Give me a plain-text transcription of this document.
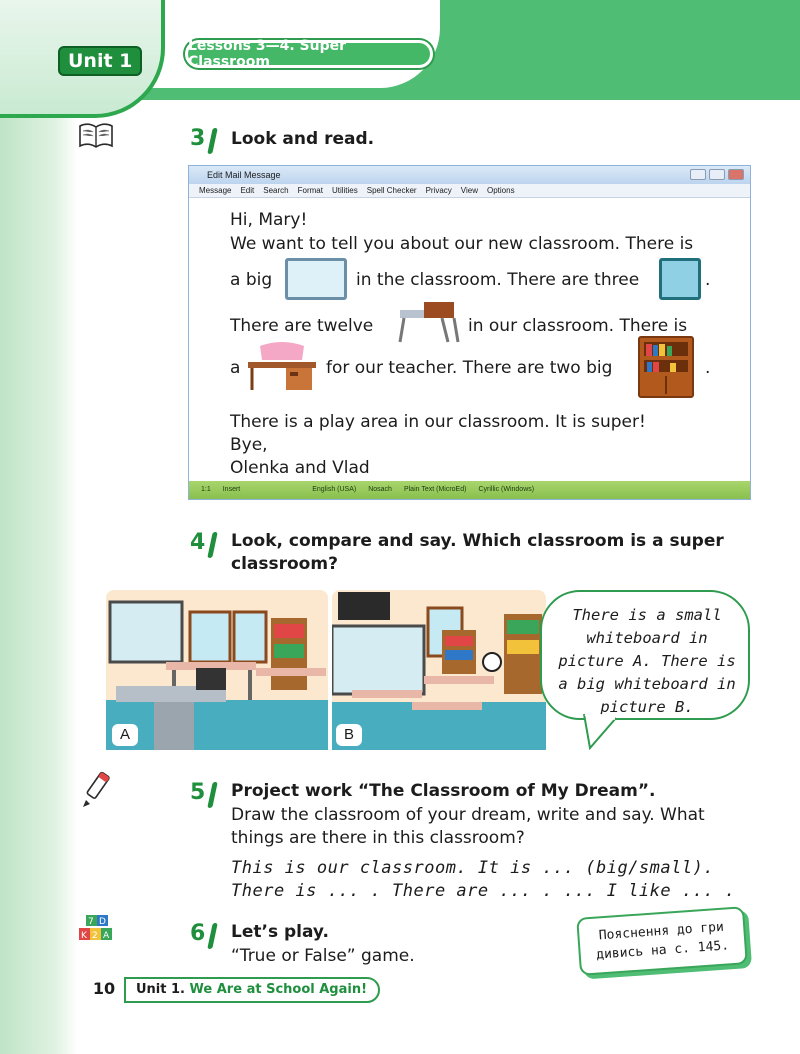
Unit 1
Lessons 3—4. Super Classroom
3 Look and read.
Edit Mail Message
Message Edit Search Format Utilities Spell Checker Privacy View Options
Hi, Mary!
We want to tell you about our new classroom. There is
a big	in the classroom. There are three	.
There are twelve	in our classroom. There is
a	for our teacher. There are two big	.
There is a play area in our classroom. It is super!
Bye,
Olenka and Vlad
1:1 Insert	English (USA) Nosach Plain Text (MicroEd) Cyrillic (Windows)
4 Look, compare and say. Which classroom is a super
classroom?
A	B
There is a small whiteboard in picture A. There is a big whiteboard in picture B.
5 Project work “The Classroom of My Dream”.
Draw the classroom of your dream, write and say. What
things are there in this classroom?
This is our classroom. It is ... (big/small).
There is ... . There are ... . ... I like ... .
7 D
K 2 A	6 Let’s play.
“True or False” game.
Пояснення до гри дивись на с. 145.
10	Unit 1. We Are at School Again!
